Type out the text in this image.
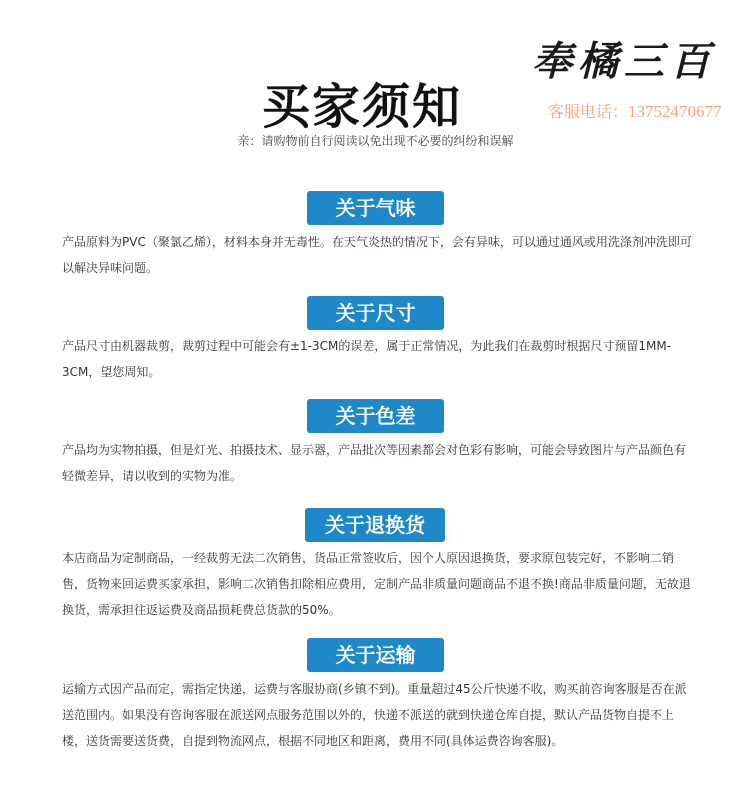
奉橘三百
客服电话：13752470677
买家须知
亲：请购物前自行阅读以免出现不必要的纠纷和误解
关于气味

产品原料为PVC（聚氯乙烯），材料本身并无毒性。在天气炎热的情况下，会有异味，可以通过通风或用洗涤剂冲洗即可以解决异味问题。

关于尺寸

产品尺寸由机器裁剪，裁剪过程中可能会有±1-3CM的误差，属于正常情况，为此我们在裁剪时根据尺寸预留1MM-3CM，望您周知。

关于色差

产品均为实物拍摄，但是灯光、拍摄技术、显示器，产品批次等因素都会对色彩有影响，可能会导致图片与产品颜色有轻微差异，请以收到的实物为准。

关于退换货

本店商品为定制商品，一经裁剪无法二次销售，货品正常签收后，因个人原因退换货，要求原包装完好，不影响二销售，货物来回运费买家承担，影响二次销售扣除相应费用，定制产品非质量问题商品不退不换!商品非质量问题，无故退换货，需承担往返运费及商品损耗费总货款的50%。

关于运输

运输方式因产品而定，需指定快递，运费与客服协商(乡镇不到)。重量超过45公斤快递不收，购买前咨询客服是否在派送范围内。如果没有咨询客服在派送网点服务范围以外的，快递不派送的就到快递仓库自提，默认产品货物自提不上楼，送货需要送货费，自提到物流网点，根据不同地区和距离，费用不同(具体运费咨询客服)。
